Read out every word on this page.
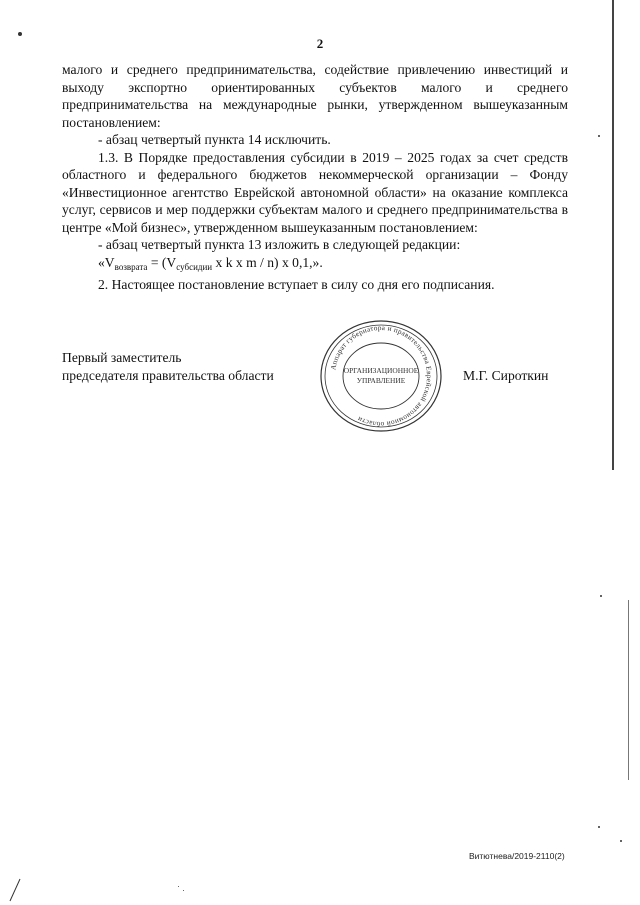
2

малого и среднего предпринимательства, содействие привлечению инвестиций и выходу экспортно ориентированных субъектов малого и среднего предпринимательства на международные рынки, утвержденном вышеуказанным постановлением:

- абзац четвертый пункта 14 исключить.

1.3. В Порядке предоставления субсидии в 2019 – 2025 годах за счет средств областного и федерального бюджетов некоммерческой организации – Фонду «Инвестиционное агентство Еврейской автономной области» на оказание комплекса услуг, сервисов и мер поддержки субъектам малого и среднего предпринимательства в центре «Мой бизнес», утвержденном вышеуказанным постановлением:

- абзац четвертый пункта 13 изложить в следующей редакции:

«$V_{возврата} = (V_{субсидии}$ x k x m / n) x 0,1,».

2. Настоящее постановление вступает в силу со дня его подписания.

Первый заместитель
председателя правительства области
Аппарат губернатора и правительства Еврейской автономной области
ОРГАНИЗАЦИОННОЕ
УПРАВЛЕНИЕ	М.Г. Сироткин
Витютнева/2019-2110(2)
